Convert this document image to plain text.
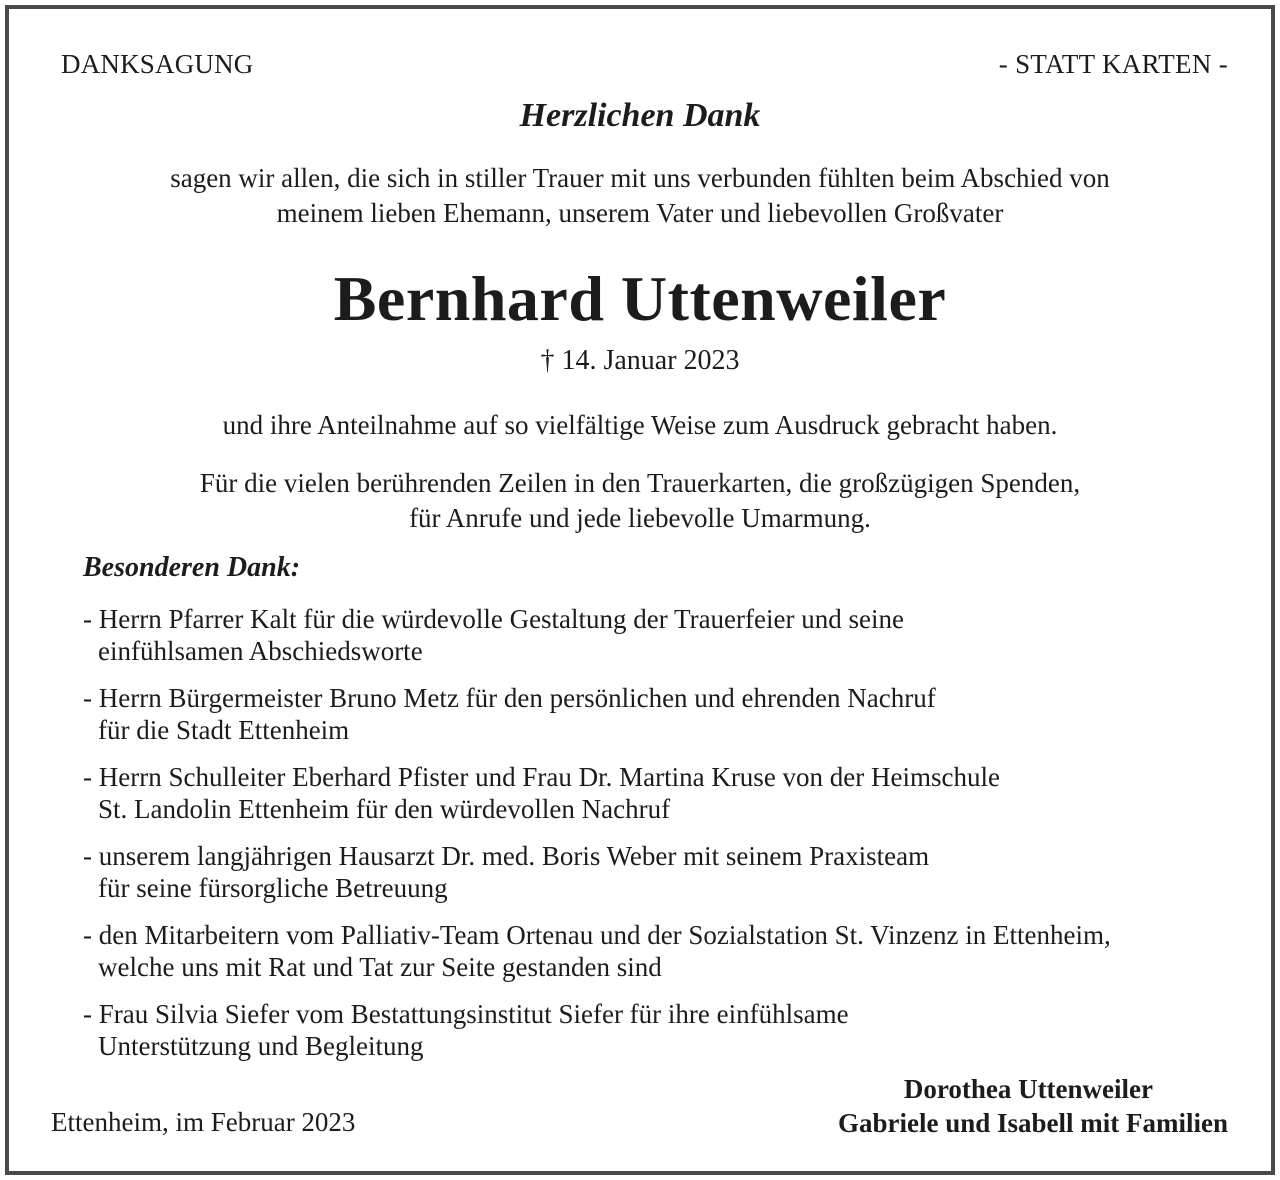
DANKSAGUNG	- STATT KARTEN -
Herzlichen Dank
sagen wir allen, die sich in stiller Trauer mit uns verbunden fühlten beim Abschied von
meinem lieben Ehemann, unserem Vater und liebevollen Großvater
Bernhard Uttenweiler
† 14. Januar 2023
und ihre Anteilnahme auf so vielfältige Weise zum Ausdruck gebracht haben.
Für die vielen berührenden Zeilen in den Trauerkarten, die großzügigen Spenden,
für Anrufe und jede liebevolle Umarmung.
Besonderen Dank:
- Herrn Pfarrer Kalt für die würdevolle Gestaltung der Trauerfeier und seine
einfühlsamen Abschiedsworte
- Herrn Bürgermeister Bruno Metz für den persönlichen und ehrenden Nachruf
für die Stadt Ettenheim
- Herrn Schulleiter Eberhard Pfister und Frau Dr. Martina Kruse von der Heimschule
St. Landolin Ettenheim für den würdevollen Nachruf
- unserem langjährigen Hausarzt Dr. med. Boris Weber mit seinem Praxisteam
für seine fürsorgliche Betreuung
- den Mitarbeitern vom Palliativ-Team Ortenau und der Sozialstation St. Vinzenz in Ettenheim,
welche uns mit Rat und Tat zur Seite gestanden sind
- Frau Silvia Siefer vom Bestattungsinstitut Siefer für ihre einfühlsame
Unterstützung und Begleitung
Ettenheim, im Februar 2023
Dorothea Uttenweiler
Gabriele und Isabell mit Familien
